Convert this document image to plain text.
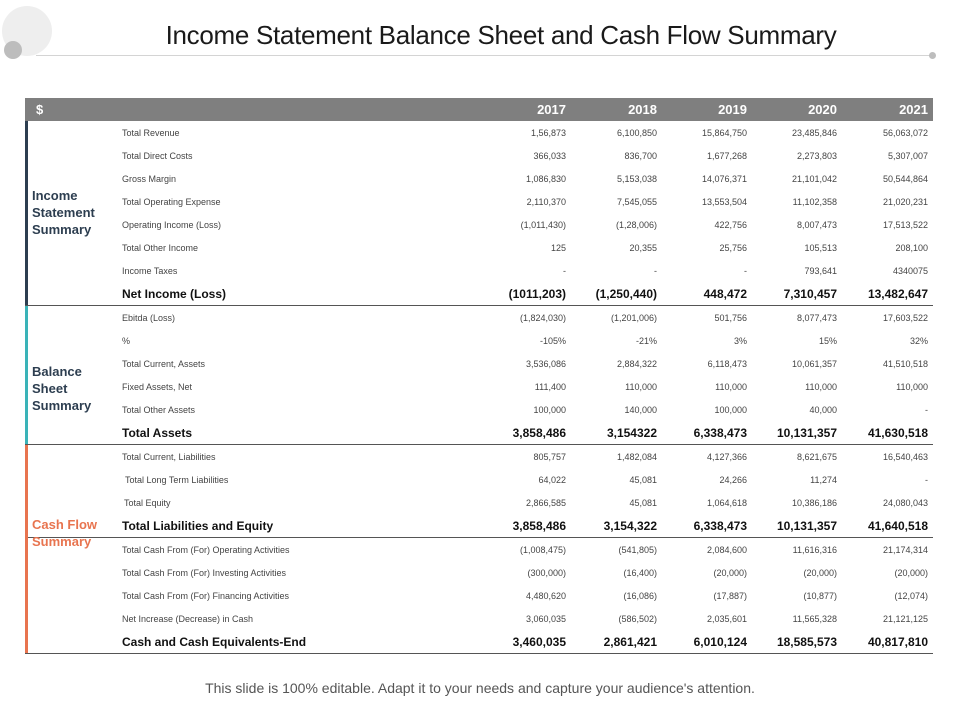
Income Statement Balance Sheet and Cash Flow Summary
$	2017	2018	2019	2020	2021
Income
Statement
Summary
Total Revenue	1,56,873	6,100,850	15,864,750	23,485,846	56,063,072
Total Direct Costs	366,033	836,700	1,677,268	2,273,803	5,307,007
Gross Margin	1,086,830	5,153,038	14,076,371	21,101,042	50,544,864
Total Operating Expense	2,110,370	7,545,055	13,553,504	11,102,358	21,020,231
Operating Income (Loss)	(1,011,430)	(1,28,006)	422,756	8,007,473	17,513,522
Total Other Income	125	20,355	25,756	105,513	208,100
Income Taxes	-	-	-	793,641	4340075
Net Income (Loss)	(1011,203)	(1,250,440)	448,472	7,310,457	13,482,647
Balance
Sheet
Summary
Ebitda (Loss)	(1,824,030)	(1,201,006)	501,756	8,077,473	17,603,522
%	-105%	-21%	3%	15%	32%
Total Current, Assets	3,536,086	2,884,322	6,118,473	10,061,357	41,510,518
Fixed Assets, Net	111,400	110,000	110,000	110,000	110,000
Total Other Assets	100,000	140,000	100,000	40,000	-
Total Assets	3,858,486	3,154322	6,338,473	10,131,357	41,630,518
Cash Flow
Summary
Total Current, Liabilities	805,757	1,482,084	4,127,366	8,621,675	16,540,463
Total Long Term Liabilities	64,022	45,081	24,266	11,274	-
Total Equity	2,866,585	45,081	1,064,618	10,386,186	24,080,043
Total Liabilities and Equity	3,858,486	3,154,322	6,338,473	10,131,357	41,640,518
Total Cash From (For) Operating Activities	(1,008,475)	(541,805)	2,084,600	11,616,316	21,174,314
Total Cash From (For) Investing Activities	(300,000)	(16,400)	(20,000)	(20,000)	(20,000)
Total Cash From (For) Financing Activities	4,480,620	(16,086)	(17,887)	(10,877)	(12,074)
Net Increase (Decrease) in Cash	3,060,035	(586,502)	2,035,601	11,565,328	21,121,125
Cash and Cash Equivalents-End	3,460,035	2,861,421	6,010,124	18,585,573	40,817,810
This slide is 100% editable. Adapt it to your needs and capture your audience's attention.
